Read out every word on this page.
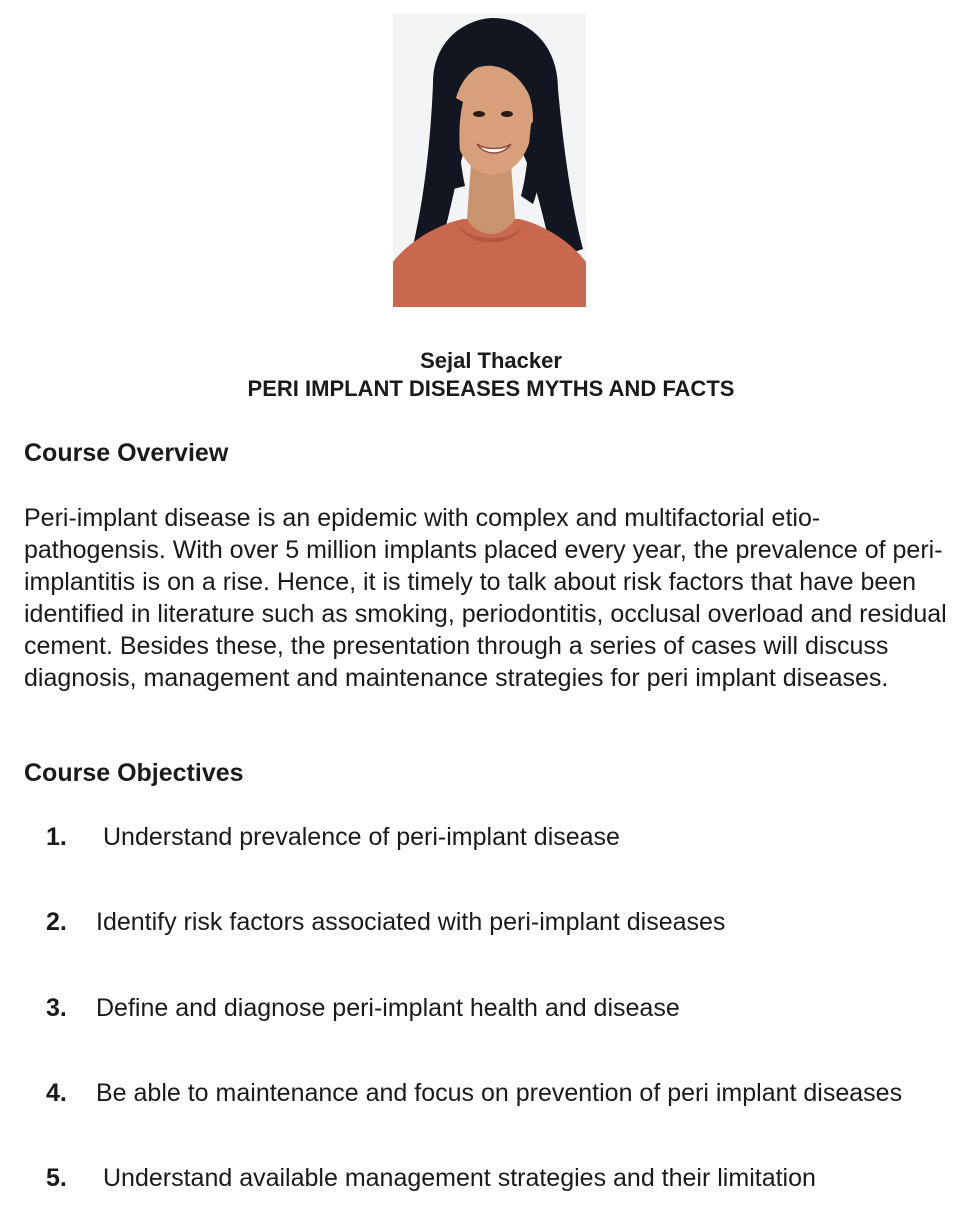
Sejal Thacker
PERI IMPLANT DISEASES MYTHS AND FACTS
Course Overview
Peri-implant disease is an epidemic with complex and multifactorial etio-pathogensis. With over 5 million implants placed every year, the prevalence of peri-implantitis is on a rise. Hence, it is timely to talk about risk factors that have been identified in literature such as smoking, periodontitis, occlusal overload and residual cement. Besides these, the presentation through a series of cases will discuss diagnosis, management and maintenance strategies for peri implant diseases.
Course Objectives
1. Understand prevalence of peri-implant disease
2. Identify risk factors associated with peri-implant diseases
3. Define and diagnose peri-implant health and disease
4. Be able to maintenance and focus on prevention of peri implant diseases
5. Understand available management strategies and their limitation
